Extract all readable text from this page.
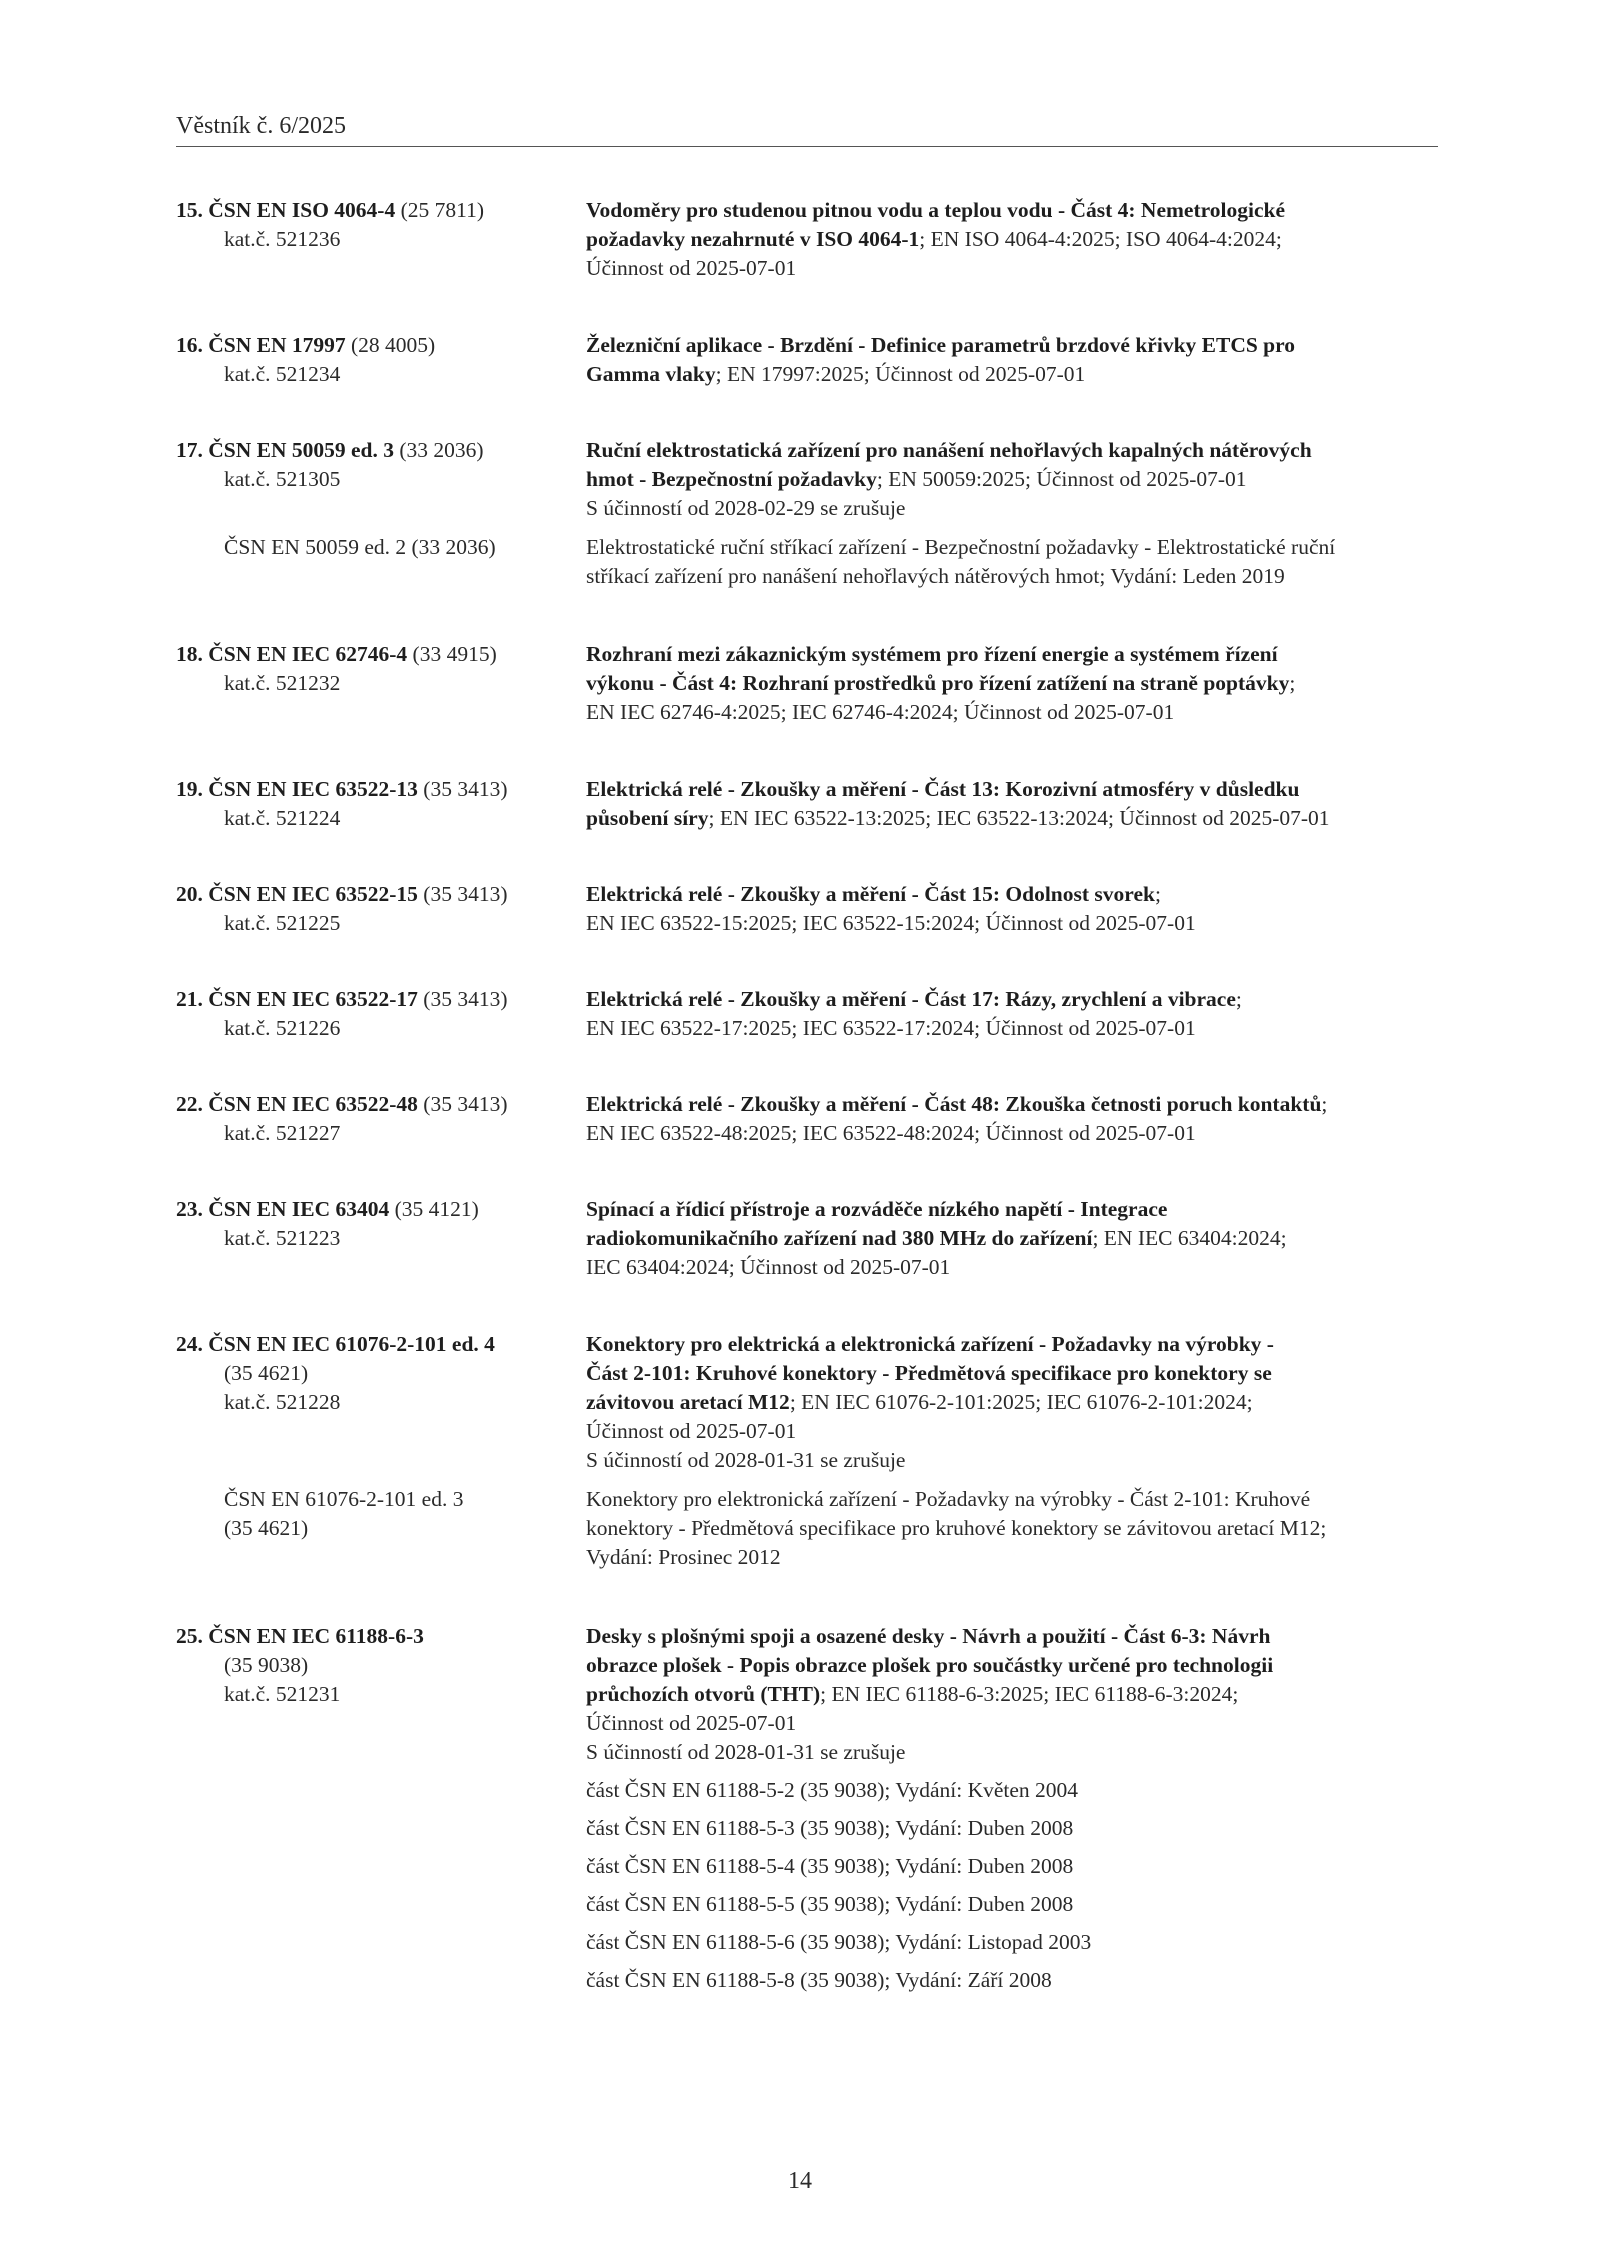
Věstník č. 6/2025
15. ČSN EN ISO 4064-4 (25 7811)
kat.č. 521236
Vodoměry pro studenou pitnou vodu a teplou vodu - Část 4: Nemetrologické
požadavky nezahrnuté v ISO 4064-1; EN ISO 4064-4:2025; ISO 4064-4:2024;
Účinnost od 2025-07-01
16. ČSN EN 17997 (28 4005)
kat.č. 521234
Železniční aplikace - Brzdění - Definice parametrů brzdové křivky ETCS pro
Gamma vlaky; EN 17997:2025; Účinnost od 2025-07-01
17. ČSN EN 50059 ed. 3 (33 2036)
kat.č. 521305
Ruční elektrostatická zařízení pro nanášení nehořlavých kapalných nátěrových
hmot - Bezpečnostní požadavky; EN 50059:2025; Účinnost od 2025-07-01
S účinností od 2028-02-29 se zrušuje
ČSN EN 50059 ed. 2 (33 2036)	Elektrostatické ruční stříkací zařízení - Bezpečnostní požadavky - Elektrostatické ruční
stříkací zařízení pro nanášení nehořlavých nátěrových hmot; Vydání: Leden 2019
18. ČSN EN IEC 62746-4 (33 4915)
kat.č. 521232
Rozhraní mezi zákaznickým systémem pro řízení energie a systémem řízení
výkonu - Část 4: Rozhraní prostředků pro řízení zatížení na straně poptávky;
EN IEC 62746-4:2025; IEC 62746-4:2024; Účinnost od 2025-07-01
19. ČSN EN IEC 63522-13 (35 3413)
kat.č. 521224
Elektrická relé - Zkoušky a měření - Část 13: Korozivní atmosféry v důsledku
působení síry; EN IEC 63522-13:2025; IEC 63522-13:2024; Účinnost od 2025-07-01
20. ČSN EN IEC 63522-15 (35 3413)
kat.č. 521225
Elektrická relé - Zkoušky a měření - Část 15: Odolnost svorek;
EN IEC 63522-15:2025; IEC 63522-15:2024; Účinnost od 2025-07-01
21. ČSN EN IEC 63522-17 (35 3413)
kat.č. 521226
Elektrická relé - Zkoušky a měření - Část 17: Rázy, zrychlení a vibrace;
EN IEC 63522-17:2025; IEC 63522-17:2024; Účinnost od 2025-07-01
22. ČSN EN IEC 63522-48 (35 3413)
kat.č. 521227
Elektrická relé - Zkoušky a měření - Část 48: Zkouška četnosti poruch kontaktů;
EN IEC 63522-48:2025; IEC 63522-48:2024; Účinnost od 2025-07-01
23. ČSN EN IEC 63404 (35 4121)
kat.č. 521223
Spínací a řídicí přístroje a rozváděče nízkého napětí - Integrace
radiokomunikačního zařízení nad 380 MHz do zařízení; EN IEC 63404:2024;
IEC 63404:2024; Účinnost od 2025-07-01
24. ČSN EN IEC 61076-2-101 ed. 4
(35 4621)
kat.č. 521228
Konektory pro elektrická a elektronická zařízení - Požadavky na výrobky -
Část 2-101: Kruhové konektory - Předmětová specifikace pro konektory se
závitovou aretací M12; EN IEC 61076-2-101:2025; IEC 61076-2-101:2024;
Účinnost od 2025-07-01
S účinností od 2028-01-31 se zrušuje
ČSN EN 61076-2-101 ed. 3
(35 4621)
Konektory pro elektronická zařízení - Požadavky na výrobky - Část 2-101: Kruhové
konektory - Předmětová specifikace pro kruhové konektory se závitovou aretací M12;
Vydání: Prosinec 2012
25. ČSN EN IEC 61188-6-3
(35 9038)
kat.č. 521231
Desky s plošnými spoji a osazené desky - Návrh a použití - Část 6-3: Návrh
obrazce plošek - Popis obrazce plošek pro součástky určené pro technologii
průchozích otvorů (THT); EN IEC 61188-6-3:2025; IEC 61188-6-3:2024;
Účinnost od 2025-07-01
S účinností od 2028-01-31 se zrušuje
část ČSN EN 61188-5-2 (35 9038); Vydání: Květen 2004
část ČSN EN 61188-5-3 (35 9038); Vydání: Duben 2008
část ČSN EN 61188-5-4 (35 9038); Vydání: Duben 2008
část ČSN EN 61188-5-5 (35 9038); Vydání: Duben 2008
část ČSN EN 61188-5-6 (35 9038); Vydání: Listopad 2003
část ČSN EN 61188-5-8 (35 9038); Vydání: Září 2008
14
